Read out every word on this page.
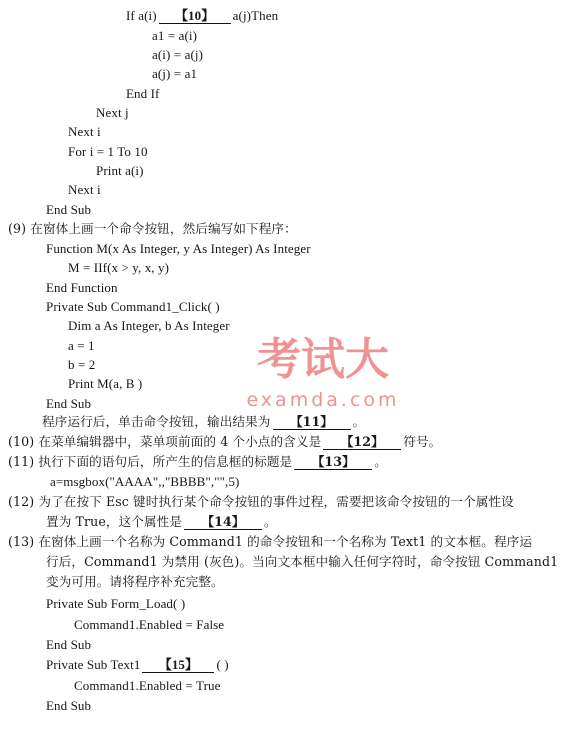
If a(i) 【10】 a(j)Then
a1 = a(i)
a(i) = a(j)
a(j) = a1
End If
Next j
Next i
For i = 1 To 10
Print a(i)
Next i
End Sub
(9) 在窗体上画一个命令按钮，然后编写如下程序：
Function M(x As Integer, y As Integer) As Integer
M = IIf(x > y, x, y)
End Function
Private Sub Command1_Click( )
Dim a As Integer, b As Integer
a = 1
b = 2
Print M(a, B )
End Sub
程序运行后，单击命令按钮，输出结果为 【11】 。
(10) 在菜单编辑器中，菜单项前面的 4 个小点的含义是 【12】 符号。
(11) 执行下面的语句后，所产生的信息框的标题是 【13】 。
a=msgbox("AAAA",,"BBBB","",5)
(12) 为了在按下 Esc 键时执行某个命令按钮的事件过程，需要把该命令按钮的一个属性设
置为 True，这个属性是 【14】 。
(13) 在窗体上画一个名称为 Command1 的命令按钮和一个名称为 Text1 的文本框。程序运
行后，Command1 为禁用 (灰色)。当向文本框中输入任何字符时，命令按钮 Command1
变为可用。请将程序补充完整。
Private Sub Form_Load( )
Command1.Enabled = False
End Sub
Private Sub Text1 【15】 ( )
Command1.Enabled = True
End Sub
考试大
examda.com
